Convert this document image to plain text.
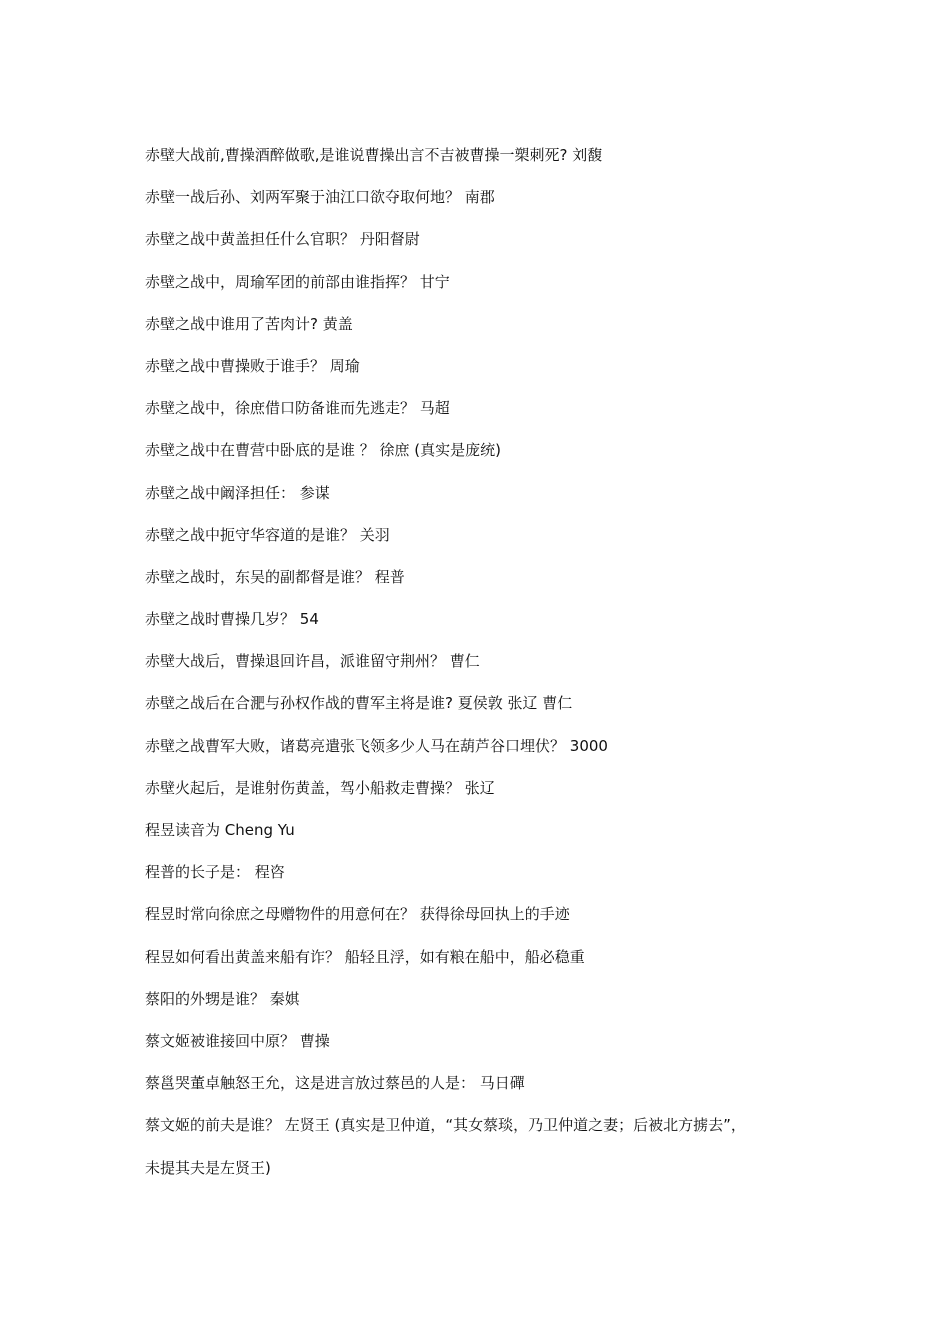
赤壁大战前,曹操酒醉做歌,是谁说曹操出言不吉被曹操一槊刺死? 刘馥
赤壁一战后孙、刘两军聚于油江口欲夺取何地？ 南郡
赤壁之战中黄盖担任什么官职？ 丹阳督尉
赤壁之战中，周瑜军团的前部由谁指挥？ 甘宁
赤壁之战中谁用了苦肉计? 黄盖
赤壁之战中曹操败于谁手？ 周瑜
赤壁之战中，徐庶借口防备谁而先逃走？ 马超
赤壁之战中在曹营中卧底的是谁 ？ 徐庶 (真实是庞统)
赤壁之战中阚泽担任： 参谋
赤壁之战中扼守华容道的是谁？ 关羽
赤壁之战时，东吴的副都督是谁？ 程普
赤壁之战时曹操几岁？ 54
赤壁大战后，曹操退回许昌，派谁留守荆州？ 曹仁
赤壁之战后在合淝与孙权作战的曹军主将是谁? 夏侯敦 张辽 曹仁
赤壁之战曹军大败，诸葛亮遣张飞领多少人马在葫芦谷口埋伏？ 3000
赤壁火起后，是谁射伤黄盖，驾小船救走曹操？ 张辽
程昱读音为 Cheng Yu
程普的长子是： 程咨
程昱时常向徐庶之母赠物件的用意何在？ 获得徐母回执上的手迹
程昱如何看出黄盖来船有诈？ 船轻且浮，如有粮在船中，船必稳重
蔡阳的外甥是谁？ 秦娸
蔡文姬被谁接回中原？ 曹操
蔡邕哭董卓触怒王允，这是进言放过蔡邑的人是： 马日磾
蔡文姬的前夫是谁？ 左贤王 (真实是卫仲道，“其女蔡琰，乃卫仲道之妻；后被北方掳去”，
未提其夫是左贤王)
